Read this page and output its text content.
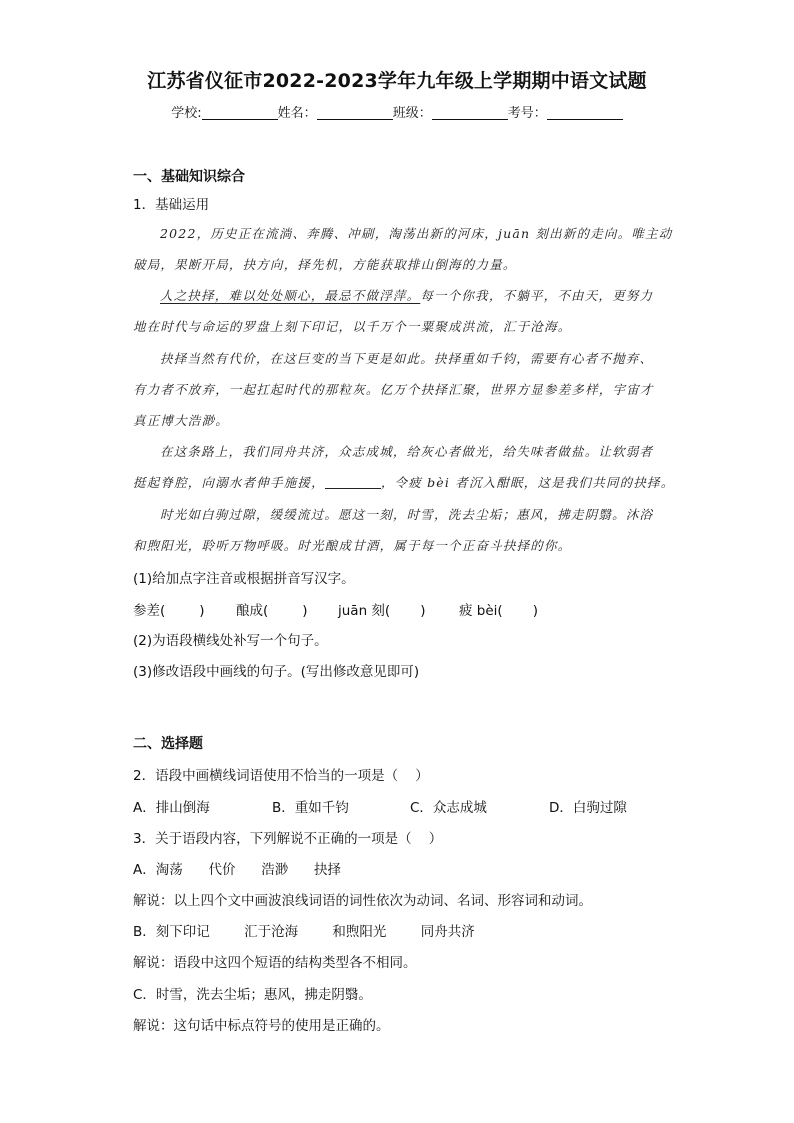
江苏省仪征市2022-2023学年九年级上学期期中语文试题
学校:	姓名：	班级：	考号：
一、基础知识综合
1．基础运用
2022，历史正在流淌、奔腾、冲刷，淘荡出新的河床，juān 刻出新的走向。唯主动
破局，果断开局，抉方向，择先机，方能获取排山倒海的力量。
人之抉择，难以处处顺心，最忌不做浮萍。每一个你我，不躺平，不由天，更努力
地在时代与命运的罗盘上刻下印记，以千万个一粟聚成洪流，汇于沧海。
抉择当然有代价，在这巨变的当下更是如此。抉择重如千钧，需要有心者不抛弃、
有力者不放弃，一起扛起时代的那粒灰。亿万个抉择汇聚，世界方显参差多样，宇宙才
真正博大浩渺。
在这条路上，我们同舟共济，众志成城，给灰心者做光，给失味者做盐。让软弱者
挺起脊腔，向溺水者伸手施援，	，令疲 bèi 者沉入酣眠，这是我们共同的抉择。
时光如白驹过隙，缓缓流过。愿这一刻，时雪，洗去尘垢；惠风，拂走阴翳。沐浴
和煦阳光，聆听万物呼吸。时光酿成甘酒，属于每一个正奋斗抉择的你。
(1)给加点字注音或根据拼音写汉字。
参差(	) 酿成(	) juān 刻( ) 疲 bèi( )
(2)为语段横线处补写一个句子。
(3)修改语段中画线的句子。(写出修改意见即可)
二、选择题
2．语段中画横线词语使用不恰当的一项是（    ）
A．排山倒海	B．重如千钧	C．众志成城	D．白驹过隙
3．关于语段内容，下列解说不正确的一项是（    ）
A．淘荡      代价      浩渺      抉择
解说：以上四个文中画波浪线词语的词性依次为动词、名词、形容词和动词。
B．刻下印记        汇于沧海        和煦阳光        同舟共济
解说：语段中这四个短语的结构类型各不相同。
C．时雪，洗去尘垢；惠风，拂走阴翳。
解说：这句话中标点符号的使用是正确的。
